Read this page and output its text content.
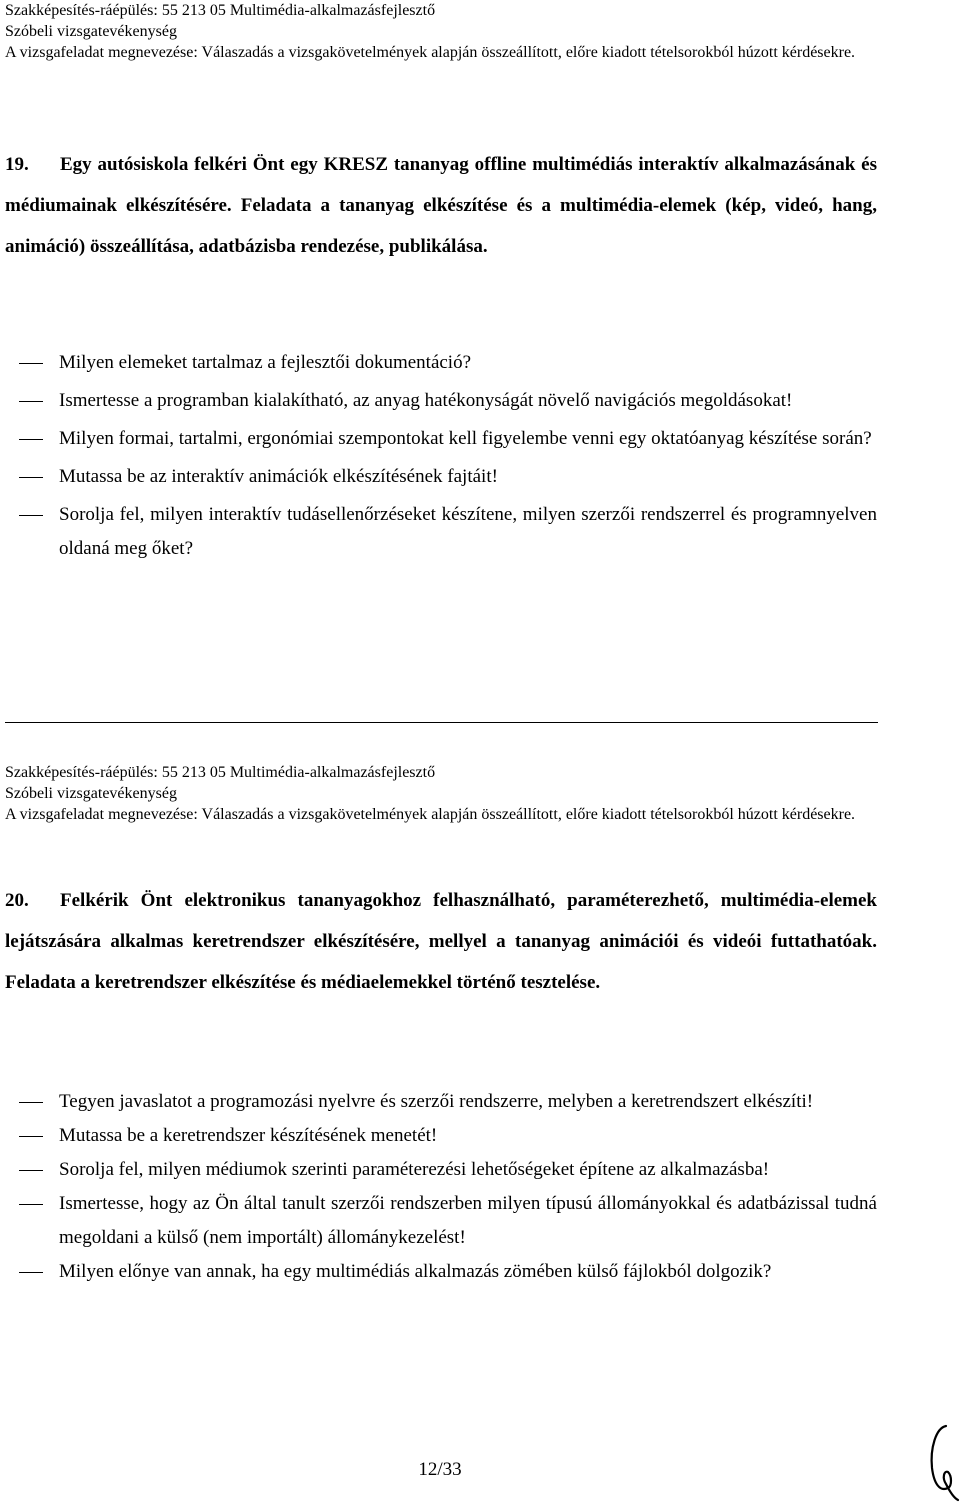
Szakképesítés-ráépülés: 55 213 05 Multimédia-alkalmazásfejlesztő
Szóbeli vizsgatevékenység
A vizsgafeladat megnevezése: Válaszadás a vizsgakövetelmények alapján összeállított, előre kiadott tételsorokból húzott kérdésekre.
19. Egy autósiskola felkéri Önt egy KRESZ tananyag offline multimédiás interaktív alkalmazásának és médiumainak elkészítésére. Feladata a tananyag elkészítése és a multimédia-elemek (kép, videó, hang, animáció) összeállítása, adatbázisba rendezése, publikálása.
Milyen elemeket tartalmaz a fejlesztői dokumentáció?
Ismertesse a programban kialakítható, az anyag hatékonyságát növelő navigációs megoldásokat!
Milyen formai, tartalmi, ergonómiai szempontokat kell figyelembe venni egy oktatóanyag készítése során?
Mutassa be az interaktív animációk elkészítésének fajtáit!
Sorolja fel, milyen interaktív tudásellenőrzéseket készítene, milyen szerzői rendszerrel és programnyelven oldaná meg őket?
Szakképesítés-ráépülés: 55 213 05 Multimédia-alkalmazásfejlesztő
Szóbeli vizsgatevékenység
A vizsgafeladat megnevezése: Válaszadás a vizsgakövetelmények alapján összeállított, előre kiadott tételsorokból húzott kérdésekre.
20. Felkérik Önt elektronikus tananyagokhoz felhasználható, paraméterezhető, multimédia-elemek lejátszására alkalmas keretrendszer elkészítésére, mellyel a tananyag animációi és videói futtathatóak. Feladata a keretrendszer elkészítése és médiaelemekkel történő tesztelése.
Tegyen javaslatot a programozási nyelvre és szerzői rendszerre, melyben a keretrendszert elkészíti!
Mutassa be a keretrendszer készítésének menetét!
Sorolja fel, milyen médiumok szerinti paraméterezési lehetőségeket építene az alkalmazásba!
Ismertesse, hogy az Ön által tanult szerzői rendszerben milyen típusú állományokkal és adatbázissal tudná megoldani a külső (nem importált) állománykezelést!
Milyen előnye van annak, ha egy multimédiás alkalmazás zömében külső fájlokból dolgozik?
12/33
